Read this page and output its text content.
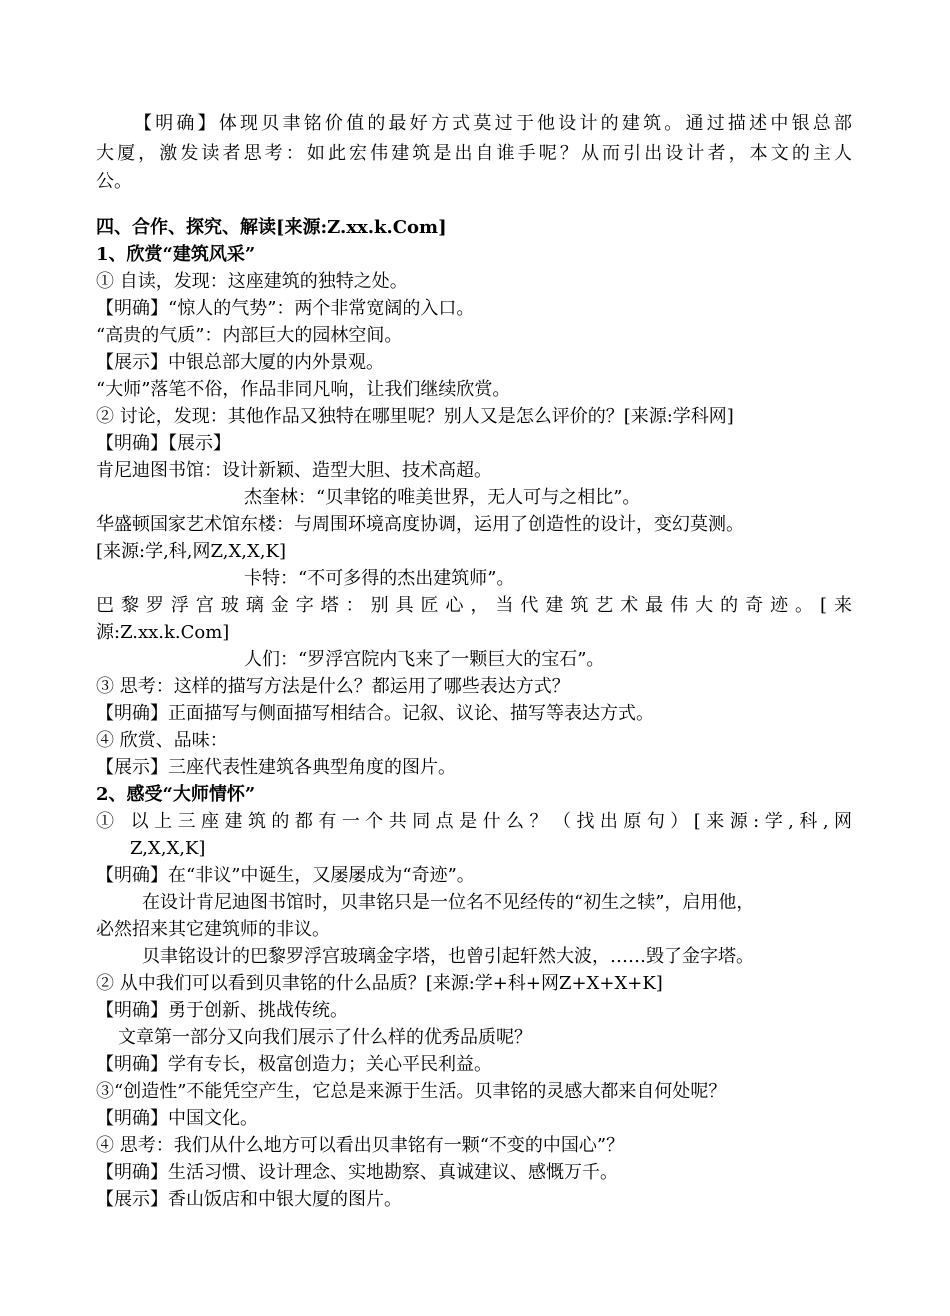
【明确】体现贝聿铭价值的最好方式莫过于他设计的建筑。通过描述中银总部
大厦，激发读者思考：如此宏伟建筑是出自谁手呢？从而引出设计者，本文的主人
公。
四、合作、探究、解读[来源:Z.xx.k.Com]
1、欣赏“建筑风采”
① 自读，发现：这座建筑的独特之处。
【明确】“惊人的气势”：两个非常宽阔的入口。
“高贵的气质”：内部巨大的园林空间。
【展示】中银总部大厦的内外景观。
“大师”落笔不俗，作品非同凡响，让我们继续欣赏。
② 讨论，发现：其他作品又独特在哪里呢？别人又是怎么评价的？[来源:学科网]
【明确】【展示】
肯尼迪图书馆：设计新颖、造型大胆、技术高超。
杰奎林：“贝聿铭的唯美世界，无人可与之相比”。
华盛顿国家艺术馆东楼：与周围环境高度协调，运用了创造性的设计，变幻莫测。
[来源:学,科,网Z,X,X,K]
卡特：“不可多得的杰出建筑师”。
巴黎罗浮宫玻璃金字塔：别具匠心，当代建筑艺术最伟大的奇迹。[来
源:Z.xx.k.Com]
人们：“罗浮宫院内飞来了一颗巨大的宝石”。
③ 思考：这样的描写方法是什么？都运用了哪些表达方式？
【明确】正面描写与侧面描写相结合。记叙、议论、描写等表达方式。
④ 欣赏、品味：
【展示】三座代表性建筑各典型角度的图片。
2、感受“大师情怀”
① 以上三座建筑的都有一个共同点是什么？（找出原句）[来源:学,科,网
Z,X,X,K]
【明确】在“非议”中诞生，又屡屡成为“奇迹”。
在设计肯尼迪图书馆时，贝聿铭只是一位名不见经传的“初生之犊”，启用他，
必然招来其它建筑师的非议。
贝聿铭设计的巴黎罗浮宫玻璃金字塔，也曾引起轩然大波，……毁了金字塔。
② 从中我们可以看到贝聿铭的什么品质？[来源:学+科+网Z+X+X+K]
【明确】勇于创新、挑战传统。
文章第一部分又向我们展示了什么样的优秀品质呢？
【明确】学有专长，极富创造力；关心平民利益。
③“创造性”不能凭空产生，它总是来源于生活。贝聿铭的灵感大都来自何处呢？
【明确】中国文化。
④ 思考：我们从什么地方可以看出贝聿铭有一颗“不变的中国心”？
【明确】生活习惯、设计理念、实地勘察、真诚建议、感慨万千。
【展示】香山饭店和中银大厦的图片。
